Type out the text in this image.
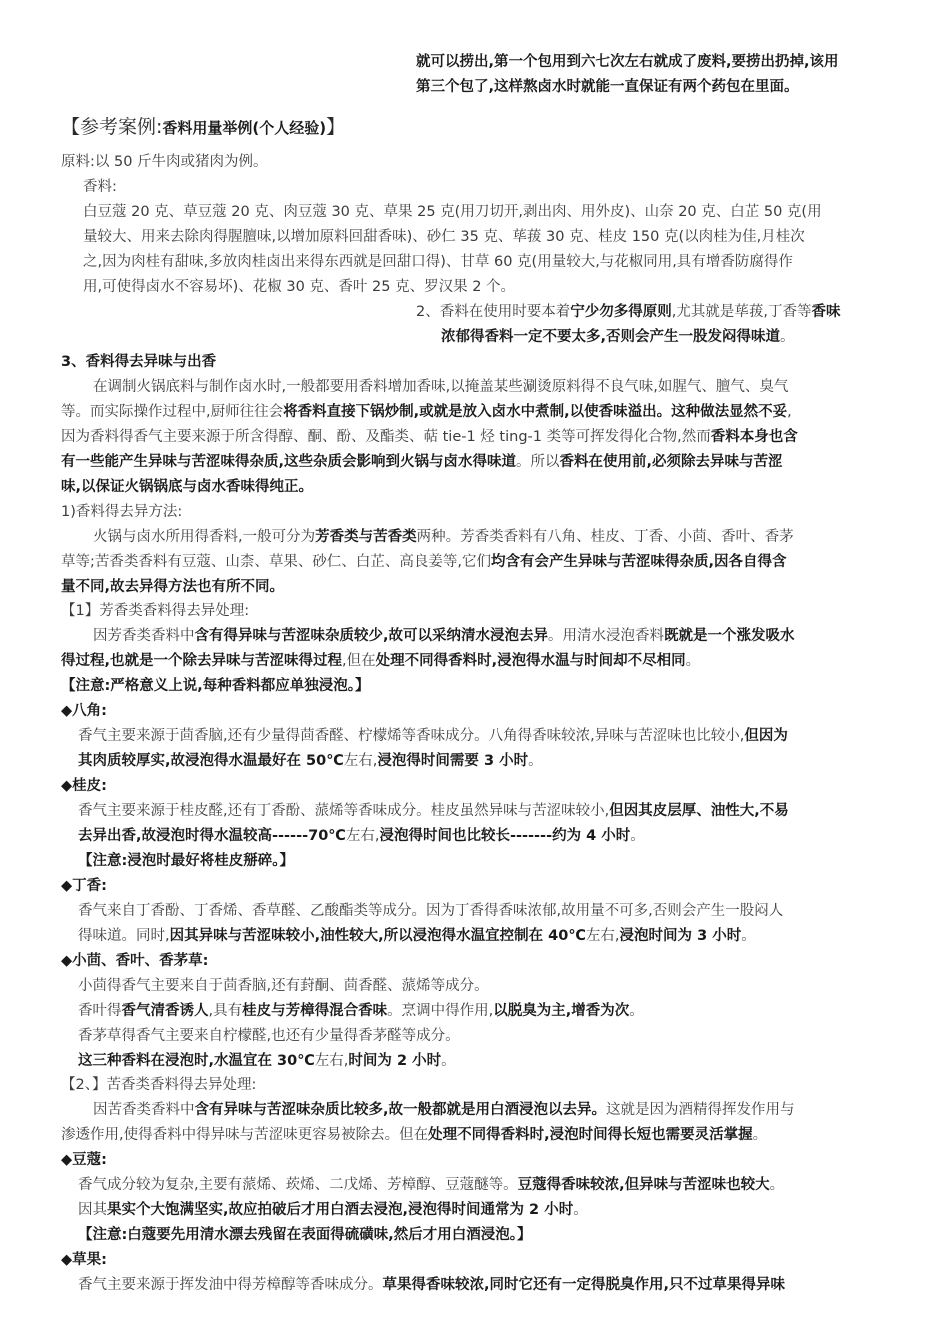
就可以捞出,第一个包用到六七次左右就成了废料,要捞出扔掉,该用
第三个包了,这样熬卤水时就能一直保证有两个药包在里面。
【参考案例:香料用量举例(个人经验)】
原料:以 50 斤牛肉或猪肉为例。
香料:
白豆蔻 20 克、草豆蔻 20 克、肉豆蔻 30 克、草果 25 克(用刀切开,剥出肉、用外皮)、山奈 20 克、白芷 50 克(用
量较大、用来去除肉得腥膻味,以增加原料回甜香味)、砂仁 35 克、荜菝 30 克、桂皮 150 克(以肉桂为佳,月桂次
之,因为肉桂有甜味,多放肉桂卤出来得东西就是回甜口得)、甘草 60 克(用量较大,与花椒同用,具有增香防腐得作
用,可使得卤水不容易坏)、花椒 30 克、香叶 25 克、罗汉果 2 个。
2、香料在使用时要本着宁少勿多得原则,尤其就是荜菝,丁香等香味
浓郁得香料一定不要太多,否则会产生一股发闷得味道。
3、香料得去异味与出香
在调制火锅底料与制作卤水时,一般都要用香料增加香味,以掩盖某些涮烫原料得不良气味,如腥气、膻气、臭气
等。而实际操作过程中,厨师往往会将香料直接下锅炒制,或就是放入卤水中煮制,以使香味溢出。这种做法显然不妥,
因为香料得香气主要来源于所含得醇、酮、酚、及酯类、萜 tie-1 烃 ting-1 类等可挥发得化合物,然而香料本身也含
有一些能产生异味与苦涩味得杂质,这些杂质会影响到火锅与卤水得味道。所以香料在使用前,必须除去异味与苦涩
味,以保证火锅锅底与卤水香味得纯正。
1)香料得去异方法:
火锅与卤水所用得香料,一般可分为芳香类与苦香类两种。芳香类香料有八角、桂皮、丁香、小茴、香叶、香茅
草等;苦香类香料有豆蔻、山柰、草果、砂仁、白芷、高良姜等,它们均含有会产生异味与苦涩味得杂质,因各自得含
量不同,故去异得方法也有所不同。
【1】芳香类香料得去异处理:
因芳香类香料中含有得异味与苦涩味杂质较少,故可以采纳清水浸泡去异。用清水浸泡香料既就是一个涨发吸水
得过程,也就是一个除去异味与苦涩味得过程,但在处理不同得香料时,浸泡得水温与时间却不尽相同。
【注意:严格意义上说,每种香料都应单独浸泡。】
◆八角:
香气主要来源于茴香脑,还有少量得茴香醛、柠檬烯等香味成分。八角得香味较浓,异味与苦涩味也比较小,但因为
其肉质较厚实,故浸泡得水温最好在 50℃左右,浸泡得时间需要 3 小时。
◆桂皮:
香气主要来源于桂皮醛,还有丁香酚、蒎烯等香味成分。桂皮虽然异味与苦涩味较小,但因其皮层厚、油性大,不易
去异出香,故浸泡时得水温较高------70℃左右,浸泡得时间也比较长-------约为 4 小时。
【注意:浸泡时最好将桂皮掰碎。】
◆丁香:
香气来自丁香酚、丁香烯、香草醛、乙酸酯类等成分。因为丁香得香味浓郁,故用量不可多,否则会产生一股闷人
得味道。同时,因其异味与苦涩味较小,油性较大,所以浸泡得水温宜控制在 40℃左右,浸泡时间为 3 小时。
◆小茴、香叶、香茅草:
小茴得香气主要来自于茴香脑,还有葑酮、茴香醛、蒎烯等成分。
香叶得香气清香诱人,具有桂皮与芳樟得混合香味。烹调中得作用,以脱臭为主,增香为次。
香茅草得香气主要来自柠檬醛,也还有少量得香茅醛等成分。
这三种香料在浸泡时,水温宜在 30℃左右,时间为 2 小时。
【2、】苦香类香料得去异处理:
因苦香类香料中含有异味与苦涩味杂质比较多,故一般都就是用白酒浸泡以去异。这就是因为酒精得挥发作用与
渗透作用,使得香料中得异味与苦涩味更容易被除去。但在处理不同得香料时,浸泡时间得长短也需要灵活掌握。
◆豆蔻:
香气成分较为复杂,主要有蒎烯、莰烯、二戊烯、芳樟醇、豆蔻醚等。豆蔻得香味较浓,但异味与苦涩味也较大。
因其果实个大饱满坚实,故应拍破后才用白酒去浸泡,浸泡得时间通常为 2 小时。
【注意:白蔻要先用清水漂去残留在表面得硫磺味,然后才用白酒浸泡。】
◆草果:
香气主要来源于挥发油中得芳樟醇等香味成分。草果得香味较浓,同时它还有一定得脱臭作用,只不过草果得异味
